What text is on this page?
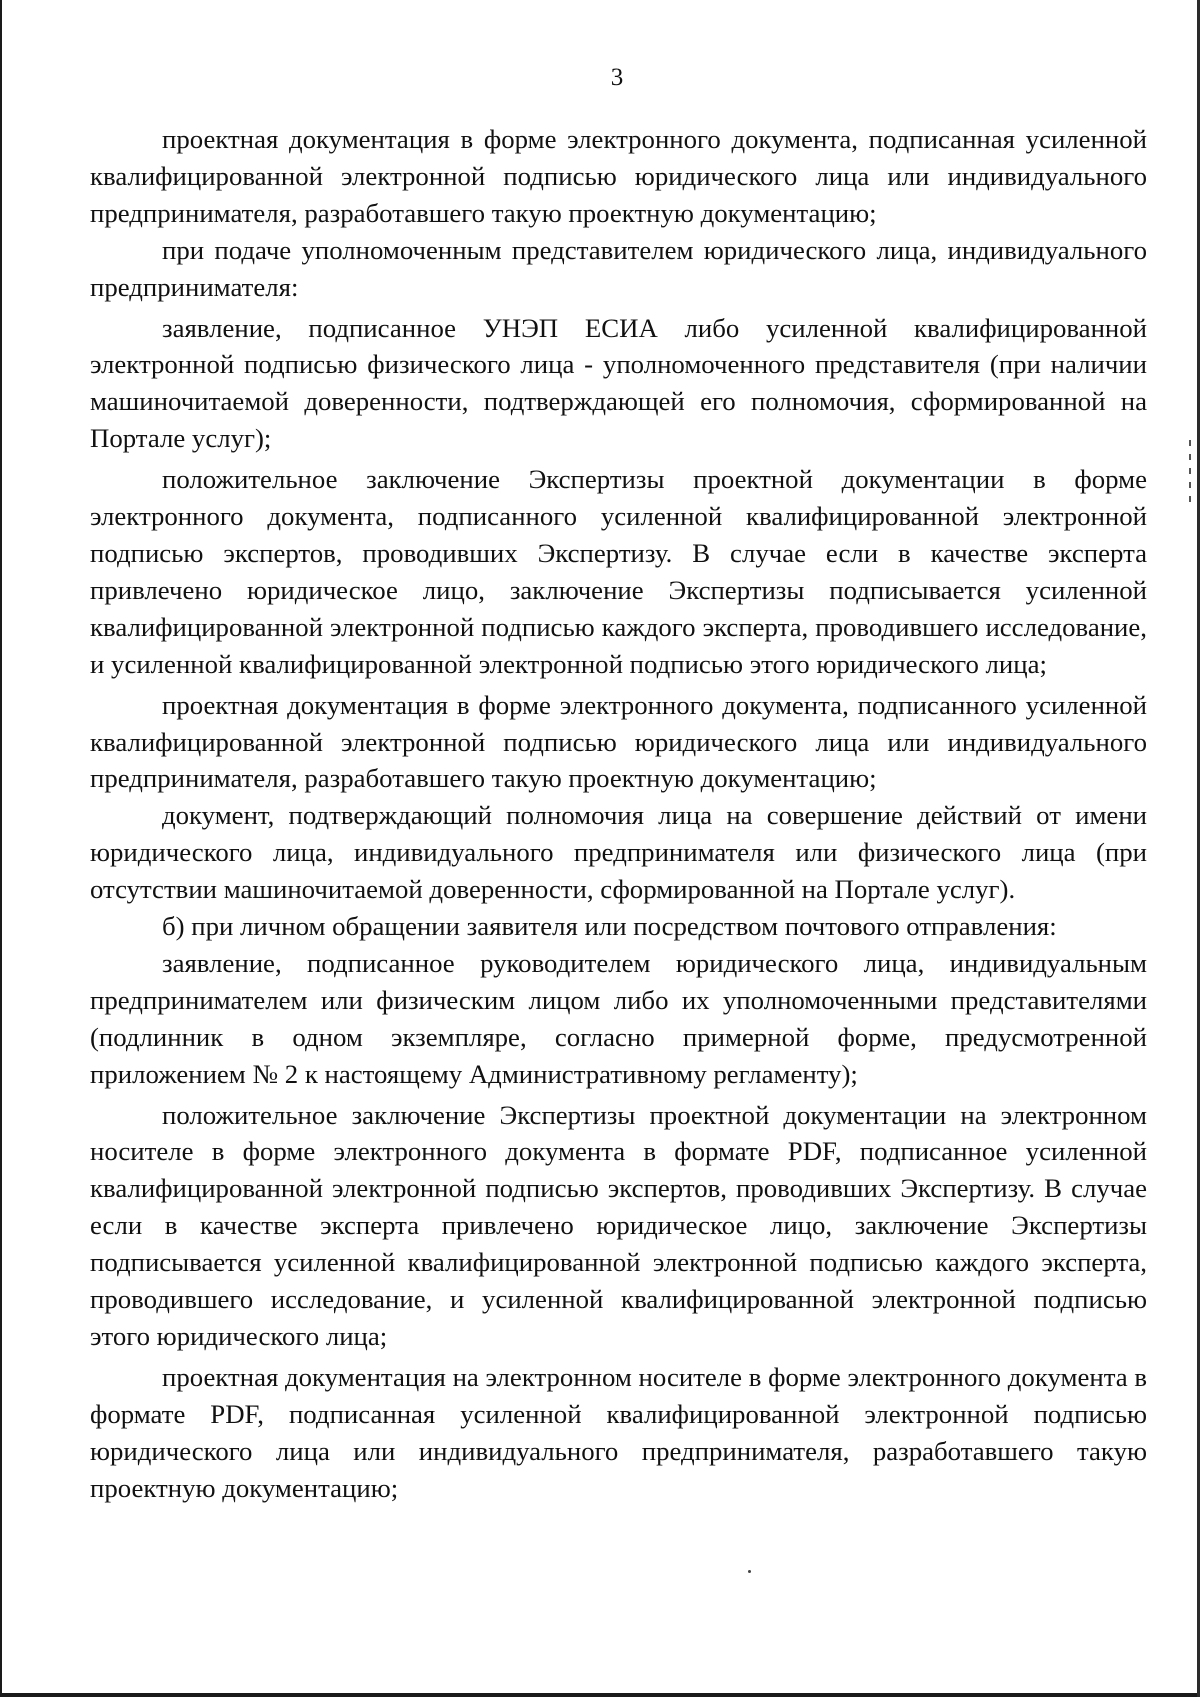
3

проектная документация в форме электронного документа, подписанная усиленной квалифицированной электронной подписью юридического лица или индивидуального предпринимателя, разработавшего такую проектную документацию;

при подаче уполномоченным представителем юридического лица, индивидуального предпринимателя:

заявление, подписанное УНЭП ЕСИА либо усиленной квалифицированной электронной подписью физического лица - уполномоченного представителя (при наличии машиночитаемой доверенности, подтверждающей его полномочия, сформированной на Портале услуг);

положительное заключение Экспертизы проектной документации в форме электронного документа, подписанного усиленной квалифицированной электронной подписью экспертов, проводивших Экспертизу. В случае если в качестве эксперта привлечено юридическое лицо, заключение Экспертизы подписывается усиленной квалифицированной электронной подписью каждого эксперта, проводившего исследование, и усиленной квалифицированной электронной подписью этого юридического лица;

проектная документация в форме электронного документа, подписанного усиленной квалифицированной электронной подписью юридического лица или индивидуального предпринимателя, разработавшего такую проектную документацию;

документ, подтверждающий полномочия лица на совершение действий от имени юридического лица, индивидуального предпринимателя или физического лица (при отсутствии машиночитаемой доверенности, сформированной на Портале услуг).

б) при личном обращении заявителя или посредством почтового отправления:

заявление, подписанное руководителем юридического лица, индивидуальным предпринимателем или физическим лицом либо их уполномоченными представителями (подлинник в одном экземпляре, согласно примерной форме, предусмотренной приложением № 2 к настоящему Административному регламенту);

положительное заключение Экспертизы проектной документации на электронном носителе в форме электронного документа в формате PDF, подписанное усиленной квалифицированной электронной подписью экспертов, проводивших Экспертизу. В случае если в качестве эксперта привлечено юридическое лицо, заключение Экспертизы подписывается усиленной квалифицированной электронной подписью каждого эксперта, проводившего исследование, и усиленной квалифицированной электронной подписью этого юридического лица;

проектная документация на электронном носителе в форме электронного документа в формате PDF, подписанная усиленной квалифицированной электронной подписью юридического лица или индивидуального предпринимателя, разработавшего такую проектную документацию;
